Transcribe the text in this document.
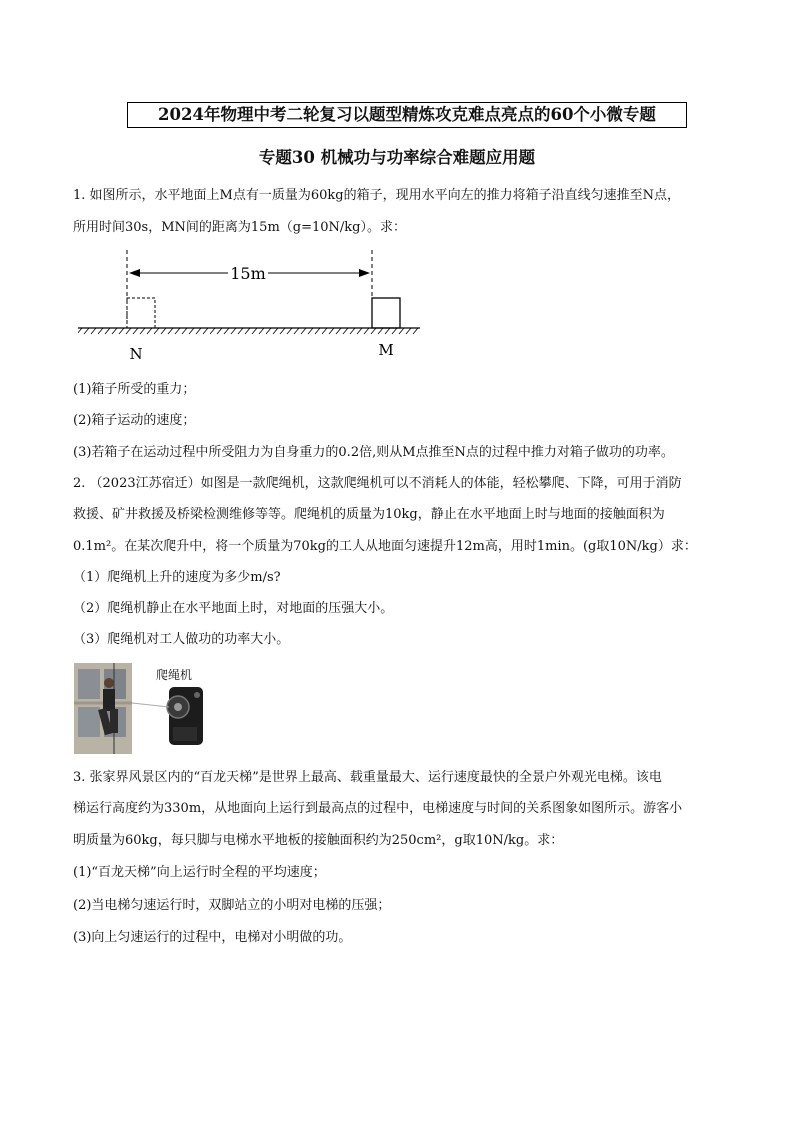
2024年物理中考二轮复习以题型精炼攻克难点亮点的60个小微专题
专题30 机械功与功率综合难题应用题
1. 如图所示，水平地面上M点有一质量为60kg的箱子，现用水平向左的推力将箱子沿直线匀速推至N点，
所用时间30s，MN间的距离为15m（g=10N/kg）。求：
15m
N	M
(1)箱子所受的重力；
(2)箱子运动的速度；
(3)若箱子在运动过程中所受阻力为自身重力的0.2倍,则从M点推至N点的过程中推力对箱子做功的功率。
2. （2023江苏宿迁）如图是一款爬绳机，这款爬绳机可以不消耗人的体能，轻松攀爬、下降，可用于消防
救援、矿井救援及桥梁检测维修等等。爬绳机的质量为10kg，静止在水平地面上时与地面的接触面积为
0.1m²。在某次爬升中，将一个质量为70kg的工人从地面匀速提升12m高，用时1min。(g取10N/kg）求：
（1）爬绳机上升的速度为多少m/s?
（2）爬绳机静止在水平地面上时，对地面的压强大小。
（3）爬绳机对工人做功的功率大小。
爬绳机
3. 张家界风景区内的“百龙天梯”是世界上最高、载重量最大、运行速度最快的全景户外观光电梯。该电
梯运行高度约为330m，从地面向上运行到最高点的过程中，电梯速度与时间的关系图象如图所示。游客小
明质量为60kg，每只脚与电梯水平地板的接触面积约为250cm²，g取10N/kg。求：
(1)“百龙天梯”向上运行时全程的平均速度；
(2)当电梯匀速运行时，双脚站立的小明对电梯的压强；
(3)向上匀速运行的过程中，电梯对小明做的功。
